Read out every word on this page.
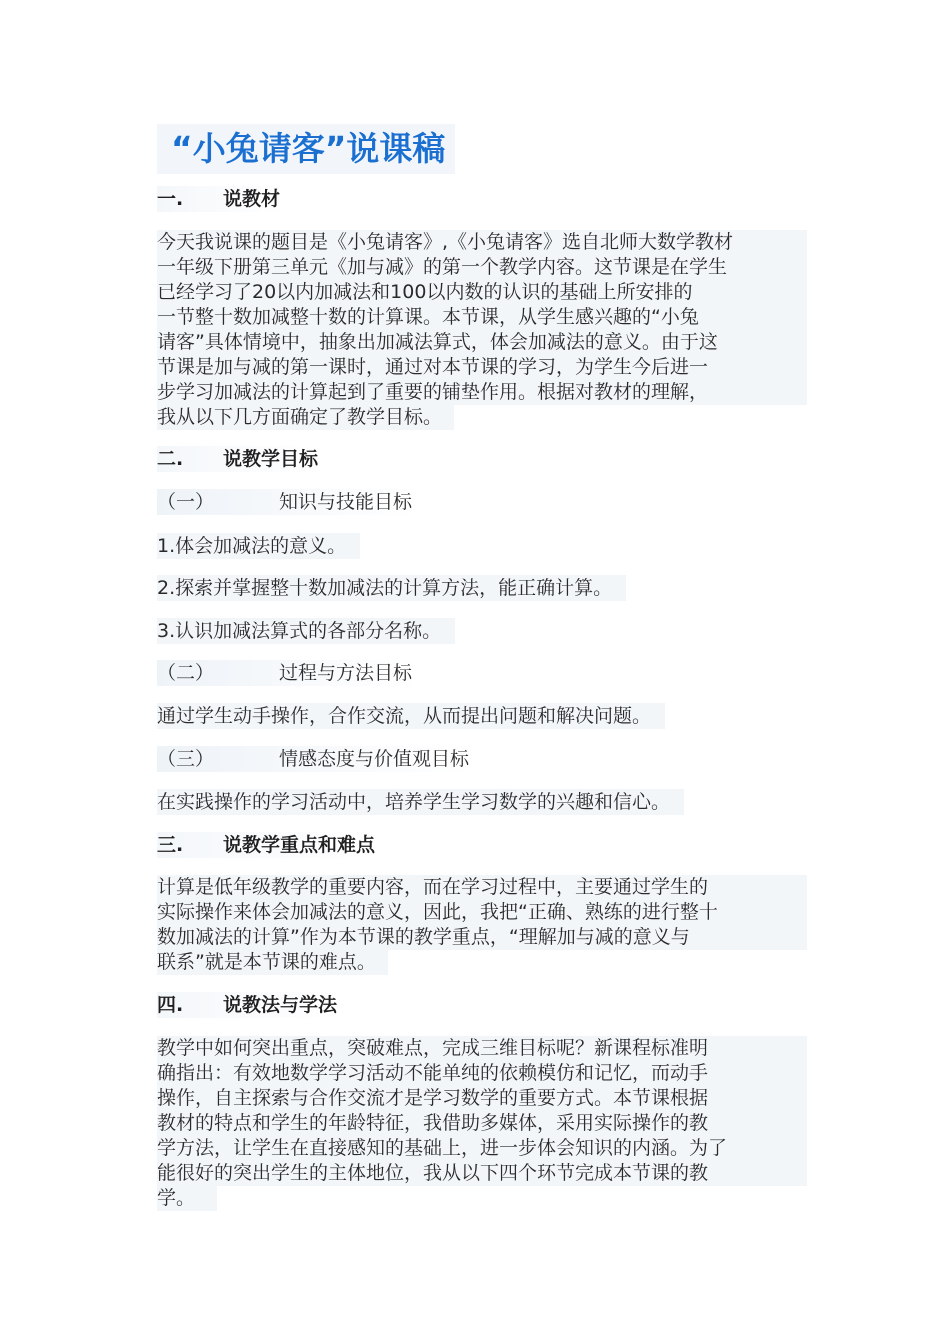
“小兔请客”说课稿
一. 说教材
今天我说课的题目是《小兔请客》,《小兔请客》选自北师大数学教材
一年级下册第三单元《加与减》的第一个教学内容。这节课是在学生
已经学习了20以内加减法和100以内数的认识的基础上所安排的
一节整十数加减整十数的计算课。本节课，从学生感兴趣的“小兔
请客”具体情境中，抽象出加减法算式，体会加减法的意义。由于这
节课是加与减的第一课时，通过对本节课的学习，为学生今后进一
步学习加减法的计算起到了重要的铺垫作用。根据对教材的理解，
我从以下几方面确定了教学目标。
二. 说教学目标
（一）	知识与技能目标
1.体会加减法的意义。
2.探索并掌握整十数加减法的计算方法，能正确计算。
3.认识加减法算式的各部分名称。
（二）	过程与方法目标
通过学生动手操作，合作交流，从而提出问题和解决问题。
（三）	情感态度与价值观目标
在实践操作的学习活动中，培养学生学习数学的兴趣和信心。
三. 说教学重点和难点
计算是低年级教学的重要内容，而在学习过程中，主要通过学生的
实际操作来体会加减法的意义，因此，我把“正确、熟练的进行整十
数加减法的计算”作为本节课的教学重点，“理解加与减的意义与
联系”就是本节课的难点。
四. 说教法与学法
教学中如何突出重点，突破难点，完成三维目标呢？新课程标准明
确指出：有效地数学学习活动不能单纯的依赖模仿和记忆，而动手
操作，自主探索与合作交流才是学习数学的重要方式。本节课根据
教材的特点和学生的年龄特征，我借助多媒体，采用实际操作的教
学方法，让学生在直接感知的基础上，进一步体会知识的内涵。为了
能很好的突出学生的主体地位，我从以下四个环节完成本节课的教
学。
